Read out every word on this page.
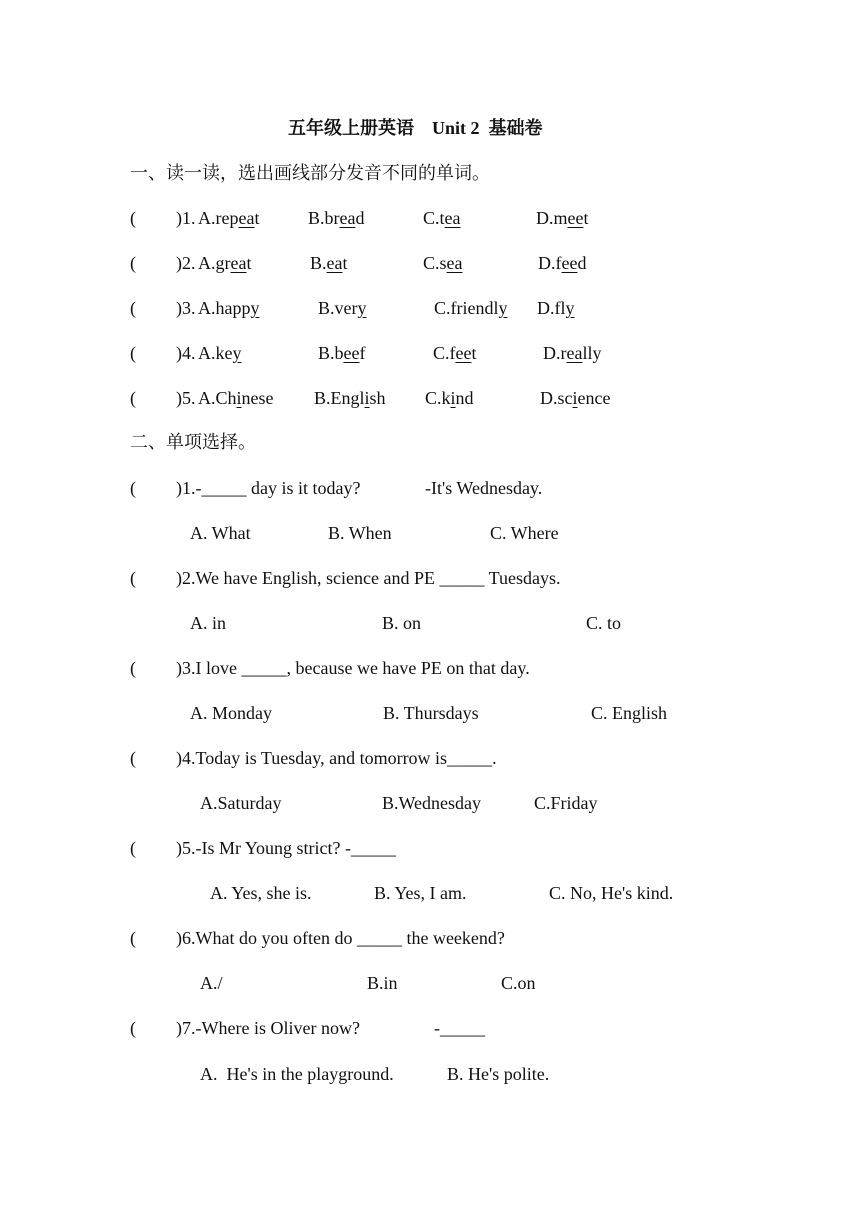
五年级上册英语    Unit 2  基础卷
一、读一读，选出画线部分发音不同的单词。
( )1. A.repeat	B.bread	C.tea	D.meet
( )2. A.great	B.eat	C.sea	D.feed
( )3. A.happy	B.very	C.friendly D.fly
( )4. A.key	B.beef	C.feet	D.really
( )5. A.Chinese B.English C.kind	D.science
二、单项选择。
( )1.-_____ day is it today?	-It's Wednesday.
A. What	B. When	C. Where
( )2.We have English, science and PE _____ Tuesdays.
A. in	B. on	C. to
( )3.I love _____, because we have PE on that day.
A. Monday	B. Thursdays	C. English
( )4.Today is Tuesday, and tomorrow is_____.
A.Saturday	B.Wednesday	C.Friday
( )5.-Is Mr Young strict? -_____
A. Yes, she is.	B. Yes, I am.	C. No, He's kind.
( )6.What do you often do _____ the weekend?
A./	B.in	C.on
( )7.-Where is Oliver now?	-_____
A.  He's in the playground.	B. He's polite.
